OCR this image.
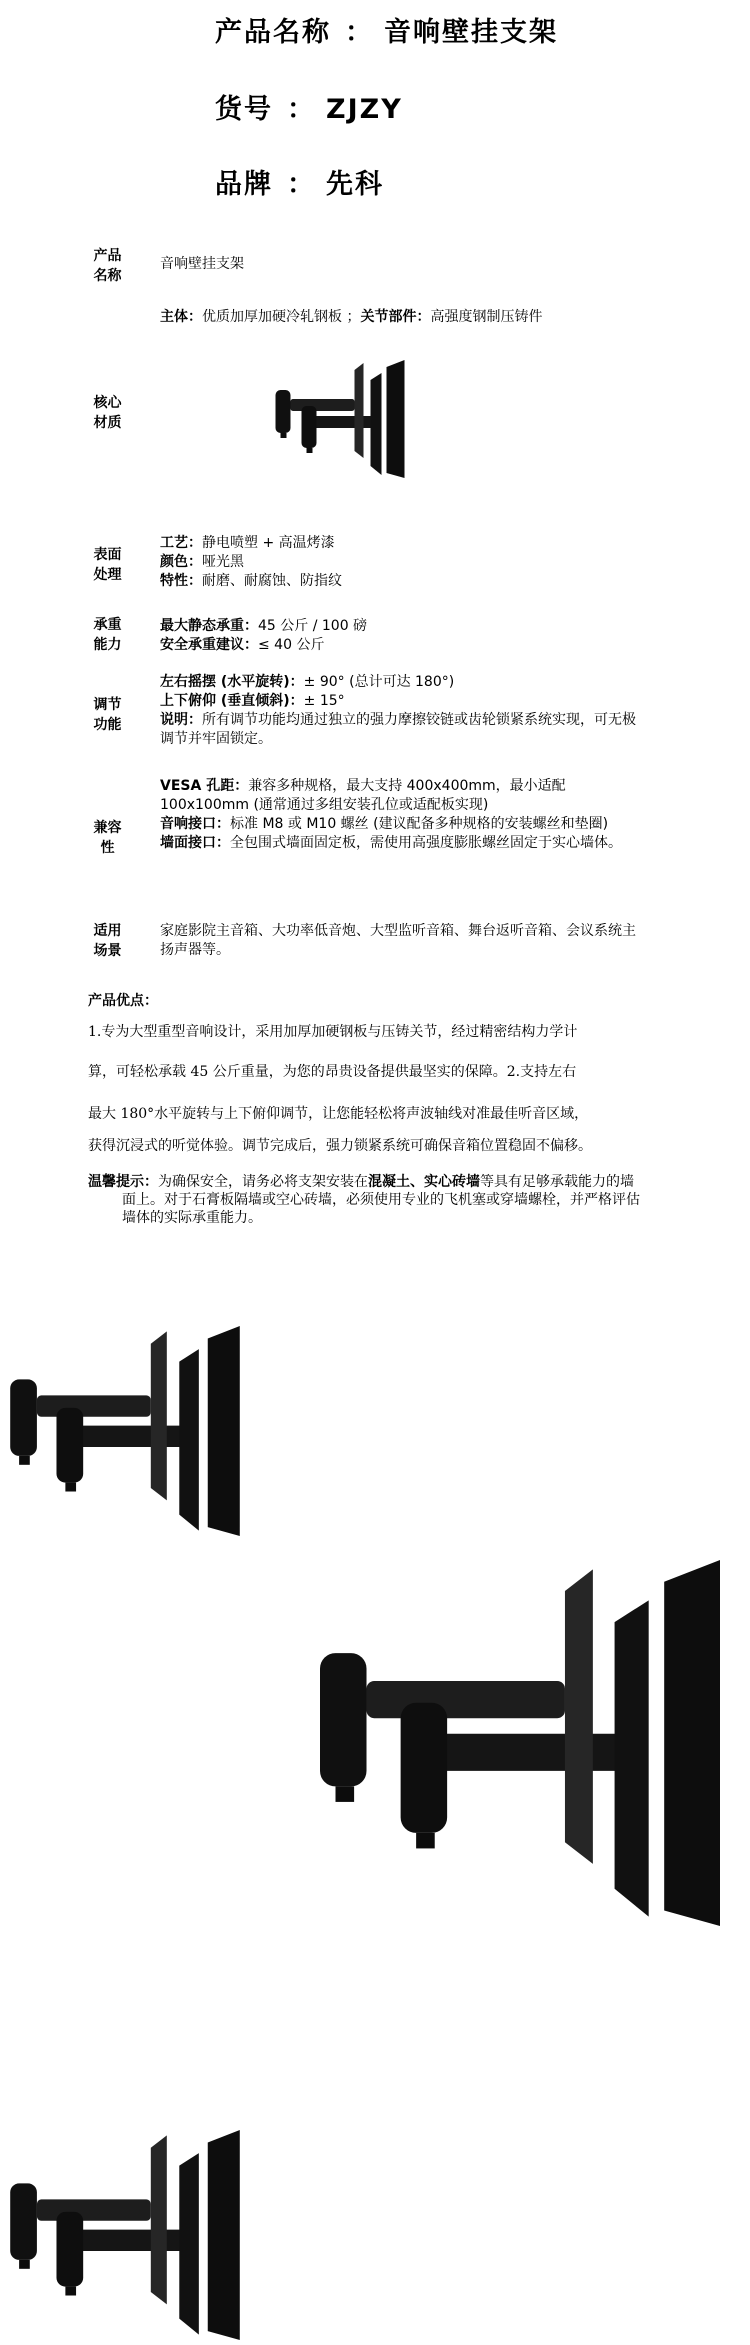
产品名称 ： 音响壁挂支架
货号 ： ZJZY
品牌 ： 先科
产品
名称
音响壁挂支架
主体：优质加厚加硬冷轧钢板 ；关节部件：高强度钢制压铸件
核心
材质
表面
处理
工艺：静电喷塑 + 高温烤漆
颜色：哑光黑
特性：耐磨、耐腐蚀、防指纹
承重
能力
最大静态承重：45 公斤 / 100 磅
安全承重建议：≤ 40 公斤
调节
功能
左右摇摆 (水平旋转)：± 90° (总计可达 180°)
上下俯仰 (垂直倾斜)：± 15°
说明：所有调节功能均通过独立的强力摩擦铰链或齿轮锁紧系统实现，可无极调节并牢固锁定。
兼容
性
VESA 孔距：兼容多种规格，最大支持 400x400mm，最小适配 100x100mm (通常通过多组安装孔位或适配板实现)
音响接口：标准 M8 或 M10 螺丝 (建议配备多种规格的安装螺丝和垫圈)
墙面接口：全包围式墙面固定板，需使用高强度膨胀螺丝固定于实心墙体。
适用
场景
家庭影院主音箱、大功率低音炮、大型监听音箱、舞台返听音箱、会议系统主扬声器等。
产品优点：
1.专为大型重型音响设计，采用加厚加硬钢板与压铸关节，经过精密结构力学计
算，可轻松承载 45 公斤重量，为您的昂贵设备提供最坚实的保障。2.支持左右
最大 180°水平旋转与上下俯仰调节，让您能轻松将声波轴线对准最佳听音区域，
获得沉浸式的听觉体验。调节完成后，强力锁紧系统可确保音箱位置稳固不偏移。
温馨提示：为确保安全，请务必将支架安装在混凝土、实心砖墙等具有足够承载能力的墙面上。对于石膏板隔墙或空心砖墙，必须使用专业的飞机塞或穿墙螺栓，并严格评估墙体的实际承重能力。
